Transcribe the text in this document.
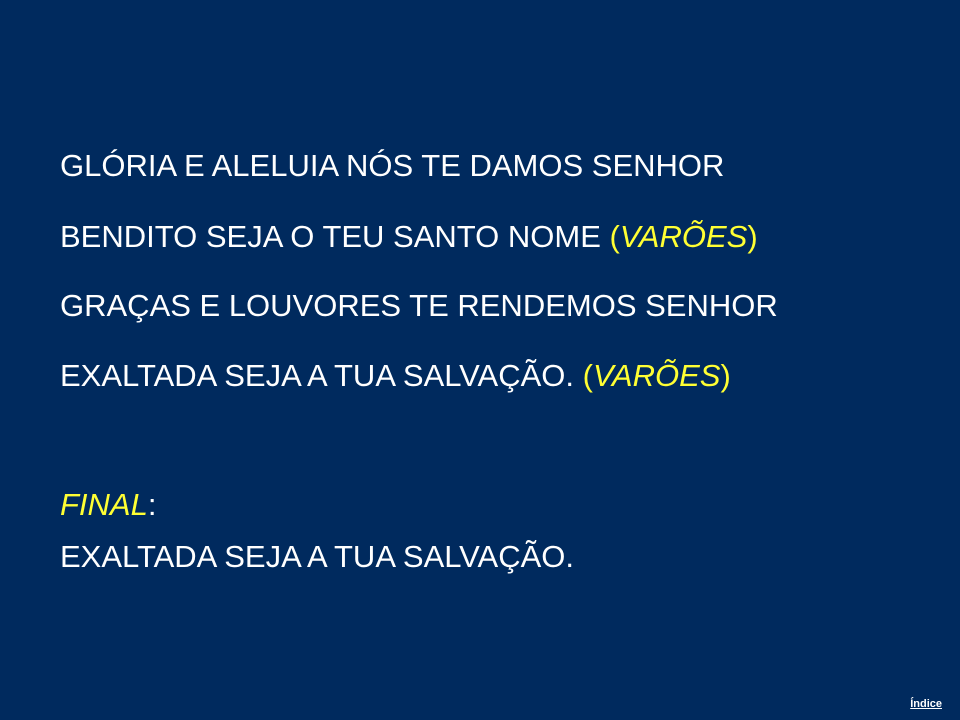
GLÓRIA E ALELUIA NÓS TE DAMOS SENHOR
BENDITO SEJA O TEU SANTO NOME (VARÕES)
GRAÇAS E LOUVORES TE RENDEMOS SENHOR
EXALTADA SEJA A TUA SALVAÇÃO. (VARÕES)
FINAL:
EXALTADA SEJA A TUA SALVAÇÃO.
Índice
